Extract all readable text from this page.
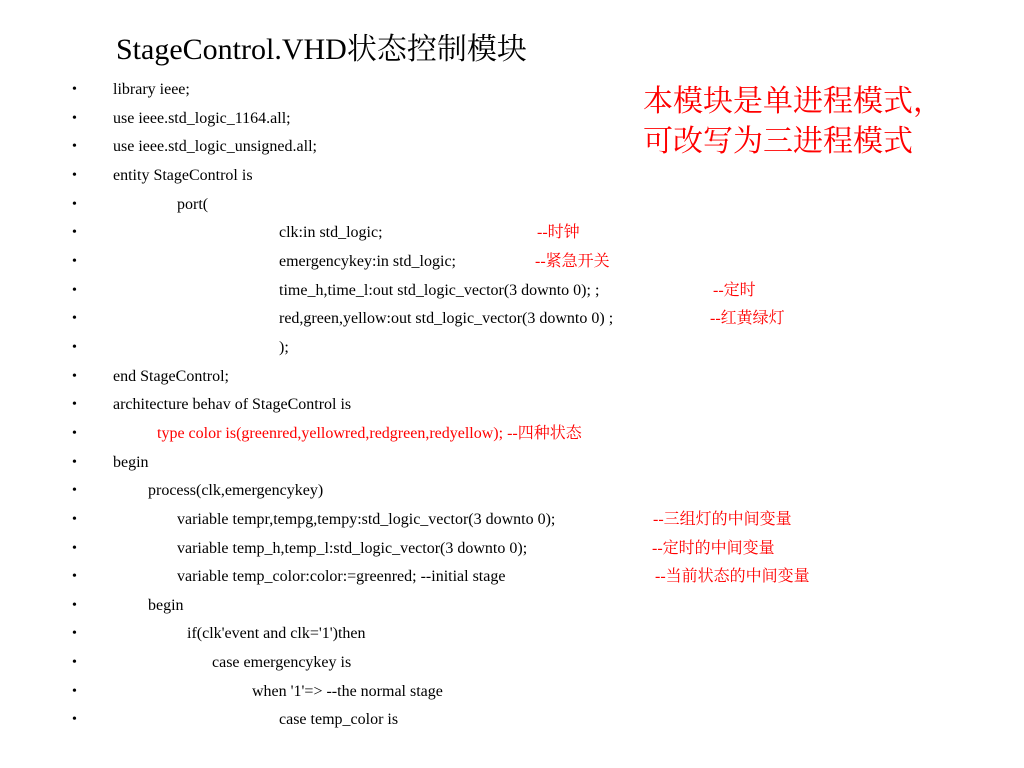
StageControl.VHD状态控制模块
本模块是单进程模式，
可改写为三进程模式
• library ieee;
• use ieee.std_logic_1164.all;
• use ieee.std_logic_unsigned.all;
• entity StageControl is
•	port(
•	clk:in std_logic;	--时钟
•	emergencykey:in std_logic;	--紧急开关
•	time_h,time_l:out std_logic_vector(3 downto 0); ;	--定时
•	red,green,yellow:out std_logic_vector(3 downto 0) ;	--红黄绿灯
•	);
• end StageControl;
• architecture behav of StageControl is
•	type color is(greenred,yellowred,redgreen,redyellow); --四种状态
• begin
•	process(clk,emergencykey)
•	variable tempr,tempg,tempy:std_logic_vector(3 downto 0);	--三组灯的中间变量
•	variable temp_h,temp_l:std_logic_vector(3 downto 0);	--定时的中间变量
•	variable temp_color:color:=greenred; --initial stage	--当前状态的中间变量
•	begin
•	if(clk'event and clk='1')then
•	case emergencykey is
•	when '1'=> --the normal stage
•	case temp_color is
